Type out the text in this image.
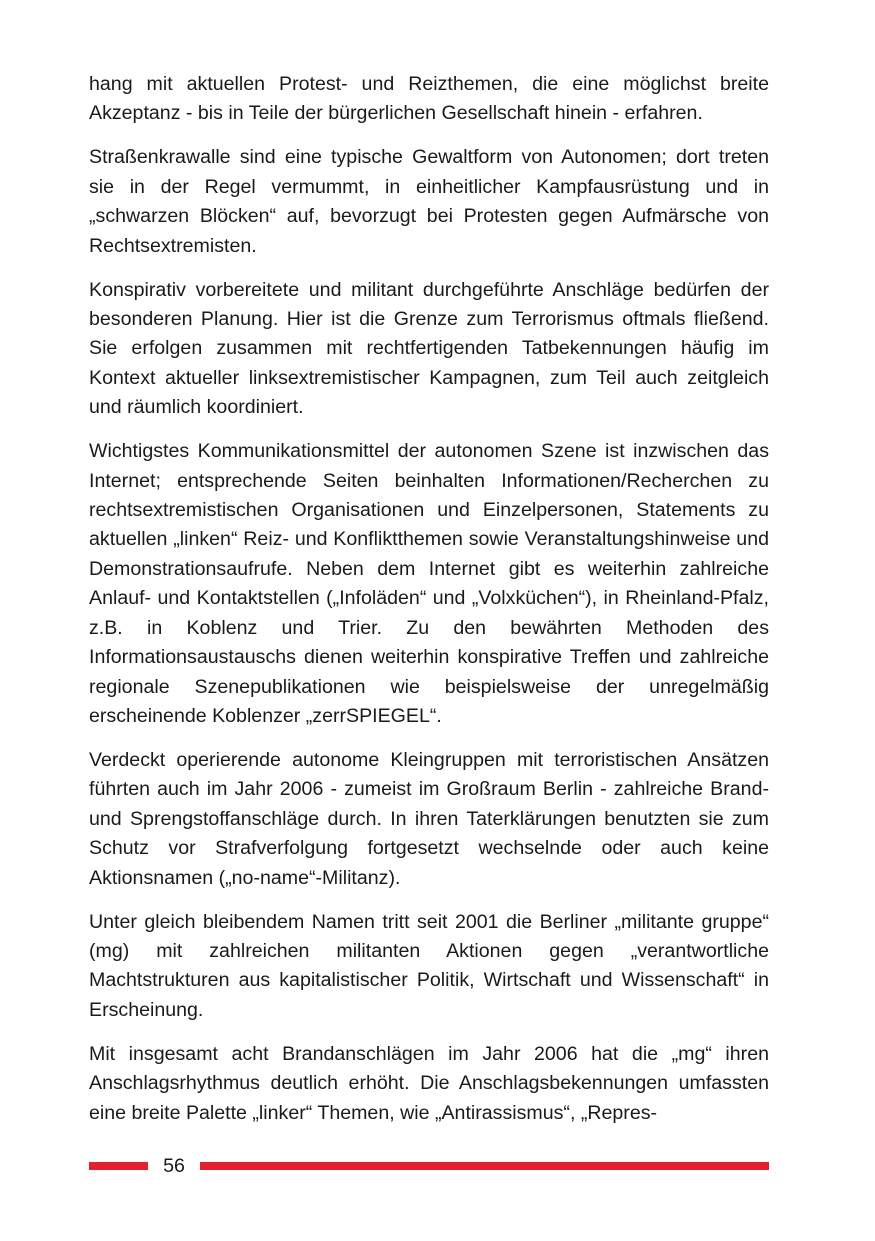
hang mit aktuellen Protest- und Reizthemen, die eine möglichst breite Akzeptanz - bis in Teile der bürgerlichen Gesellschaft hinein - erfahren.

Straßenkrawalle sind eine typische Gewaltform von Autonomen; dort treten sie in der Regel vermummt, in einheitlicher Kampfausrüstung und in „schwarzen Blöcken“ auf, bevorzugt bei Protesten gegen Aufmärsche von Rechtsextremisten.

Konspirativ vorbereitete und militant durchgeführte Anschläge bedürfen der besonderen Planung. Hier ist die Grenze zum Terrorismus oftmals fließend. Sie erfolgen zusammen mit rechtfertigenden Tatbekennungen häufig im Kontext aktueller linksextremistischer Kampagnen, zum Teil auch zeitgleich und räumlich koordiniert.

Wichtigstes Kommunikationsmittel der autonomen Szene ist inzwischen das Internet; entsprechende Seiten beinhalten Informationen/Recherchen zu rechtsextremistischen Organisationen und Einzelpersonen, Statements zu aktuellen „linken“ Reiz- und Konfliktthemen sowie Veranstaltungshinweise und Demonstrationsaufrufe. Neben dem Internet gibt es weiterhin zahlreiche Anlauf- und Kontaktstellen („Infoläden“ und „Volxküchen“), in Rheinland-Pfalz, z.B. in Koblenz und Trier. Zu den bewährten Methoden des Informationsaustauschs dienen weiterhin konspirative Treffen und zahlreiche regionale Szenepublikationen wie beispielsweise der unregelmäßig erscheinende Koblenzer „zerrSPIEGEL“.

Verdeckt operierende autonome Kleingruppen mit terroristischen Ansätzen führten auch im Jahr 2006 - zumeist im Großraum Berlin - zahlreiche Brand- und Sprengstoffanschläge durch. In ihren Taterklärungen benutzten sie zum Schutz vor Strafverfolgung fortgesetzt wechselnde oder auch keine Aktionsnamen („no-name“-Militanz).

Unter gleich bleibendem Namen tritt seit 2001 die Berliner „militante gruppe“ (mg) mit zahlreichen militanten Aktionen gegen „verantwortliche Machtstrukturen aus kapitalistischer Politik, Wirtschaft und Wissenschaft“ in Erscheinung.

Mit insgesamt acht Brandanschlägen im Jahr 2006 hat die „mg“ ihren Anschlagsrhythmus deutlich erhöht. Die Anschlagsbekennungen umfassten eine breite Palette „linker“ Themen, wie „Antirassismus“, „Repres-

56
